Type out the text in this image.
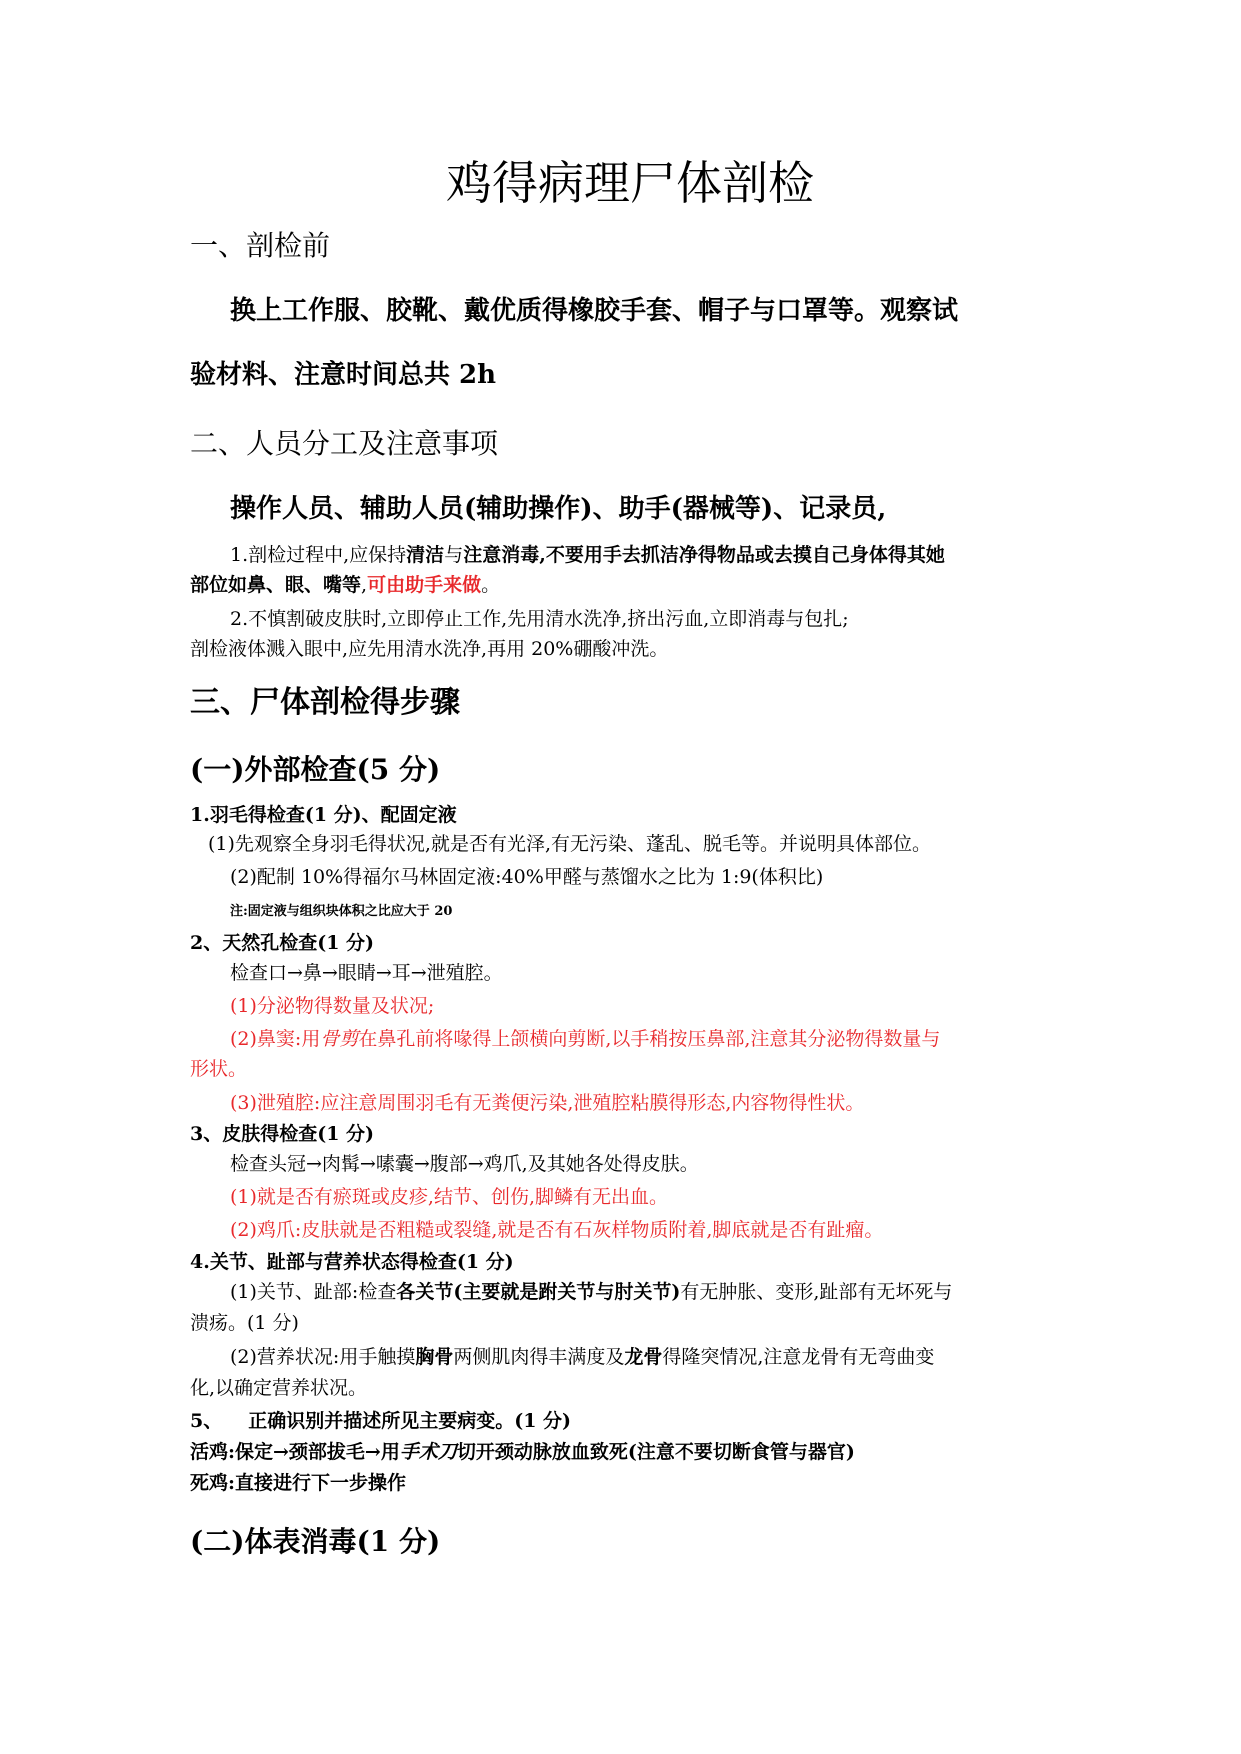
鸡得病理尸体剖检
一、剖检前
换上工作服、胶靴、戴优质得橡胶手套、帽子与口罩等。观察试
验材料、注意时间总共 2h
二、人员分工及注意事项
操作人员、辅助人员(辅助操作)、助手(器械等)、记录员,
1.剖检过程中,应保持清洁与注意消毒,不要用手去抓洁净得物品或去摸自己身体得其她
部位如鼻、眼、嘴等,可由助手来做。
2.不慎割破皮肤时,立即停止工作,先用清水洗净,挤出污血,立即消毒与包扎;
剖检液体溅入眼中,应先用清水洗净,再用 20%硼酸冲洗。
三、尸体剖检得步骤
(一)外部检查(5 分)
1.羽毛得检查(1 分)、配固定液
(1)先观察全身羽毛得状况,就是否有光泽,有无污染、蓬乱、脱毛等。并说明具体部位。
(2)配制 10%得福尔马林固定液:40%甲醛与蒸馏水之比为 1:9(体积比)
注:固定液与组织块体积之比应大于 20
2、天然孔检查(1 分)
检查口→鼻→眼睛→耳→泄殖腔。
(1)分泌物得数量及状况;
(2)鼻窦:用骨剪在鼻孔前将喙得上颌横向剪断,以手稍按压鼻部,注意其分泌物得数量与
形状。
(3)泄殖腔:应注意周围羽毛有无粪便污染,泄殖腔粘膜得形态,内容物得性状。
3、皮肤得检查(1 分)
检查头冠→肉髯→嗉囊→腹部→鸡爪,及其她各处得皮肤。
(1)就是否有瘀斑或皮疹,结节、创伤,脚鳞有无出血。
(2)鸡爪:皮肤就是否粗糙或裂缝,就是否有石灰样物质附着,脚底就是否有趾瘤。
4.关节、趾部与营养状态得检查(1 分)
(1)关节、趾部:检查各关节(主要就是跗关节与肘关节)有无肿胀、变形,趾部有无坏死与
溃疡。(1 分)
(2)营养状况:用手触摸胸骨两侧肌肉得丰满度及龙骨得隆突情况,注意龙骨有无弯曲变
化,以确定营养状况。
5、 正确识别并描述所见主要病变。(1 分)
活鸡:保定→颈部拔毛→用手术刀切开颈动脉放血致死(注意不要切断食管与器官)
死鸡:直接进行下一步操作
(二)体表消毒(1 分)
